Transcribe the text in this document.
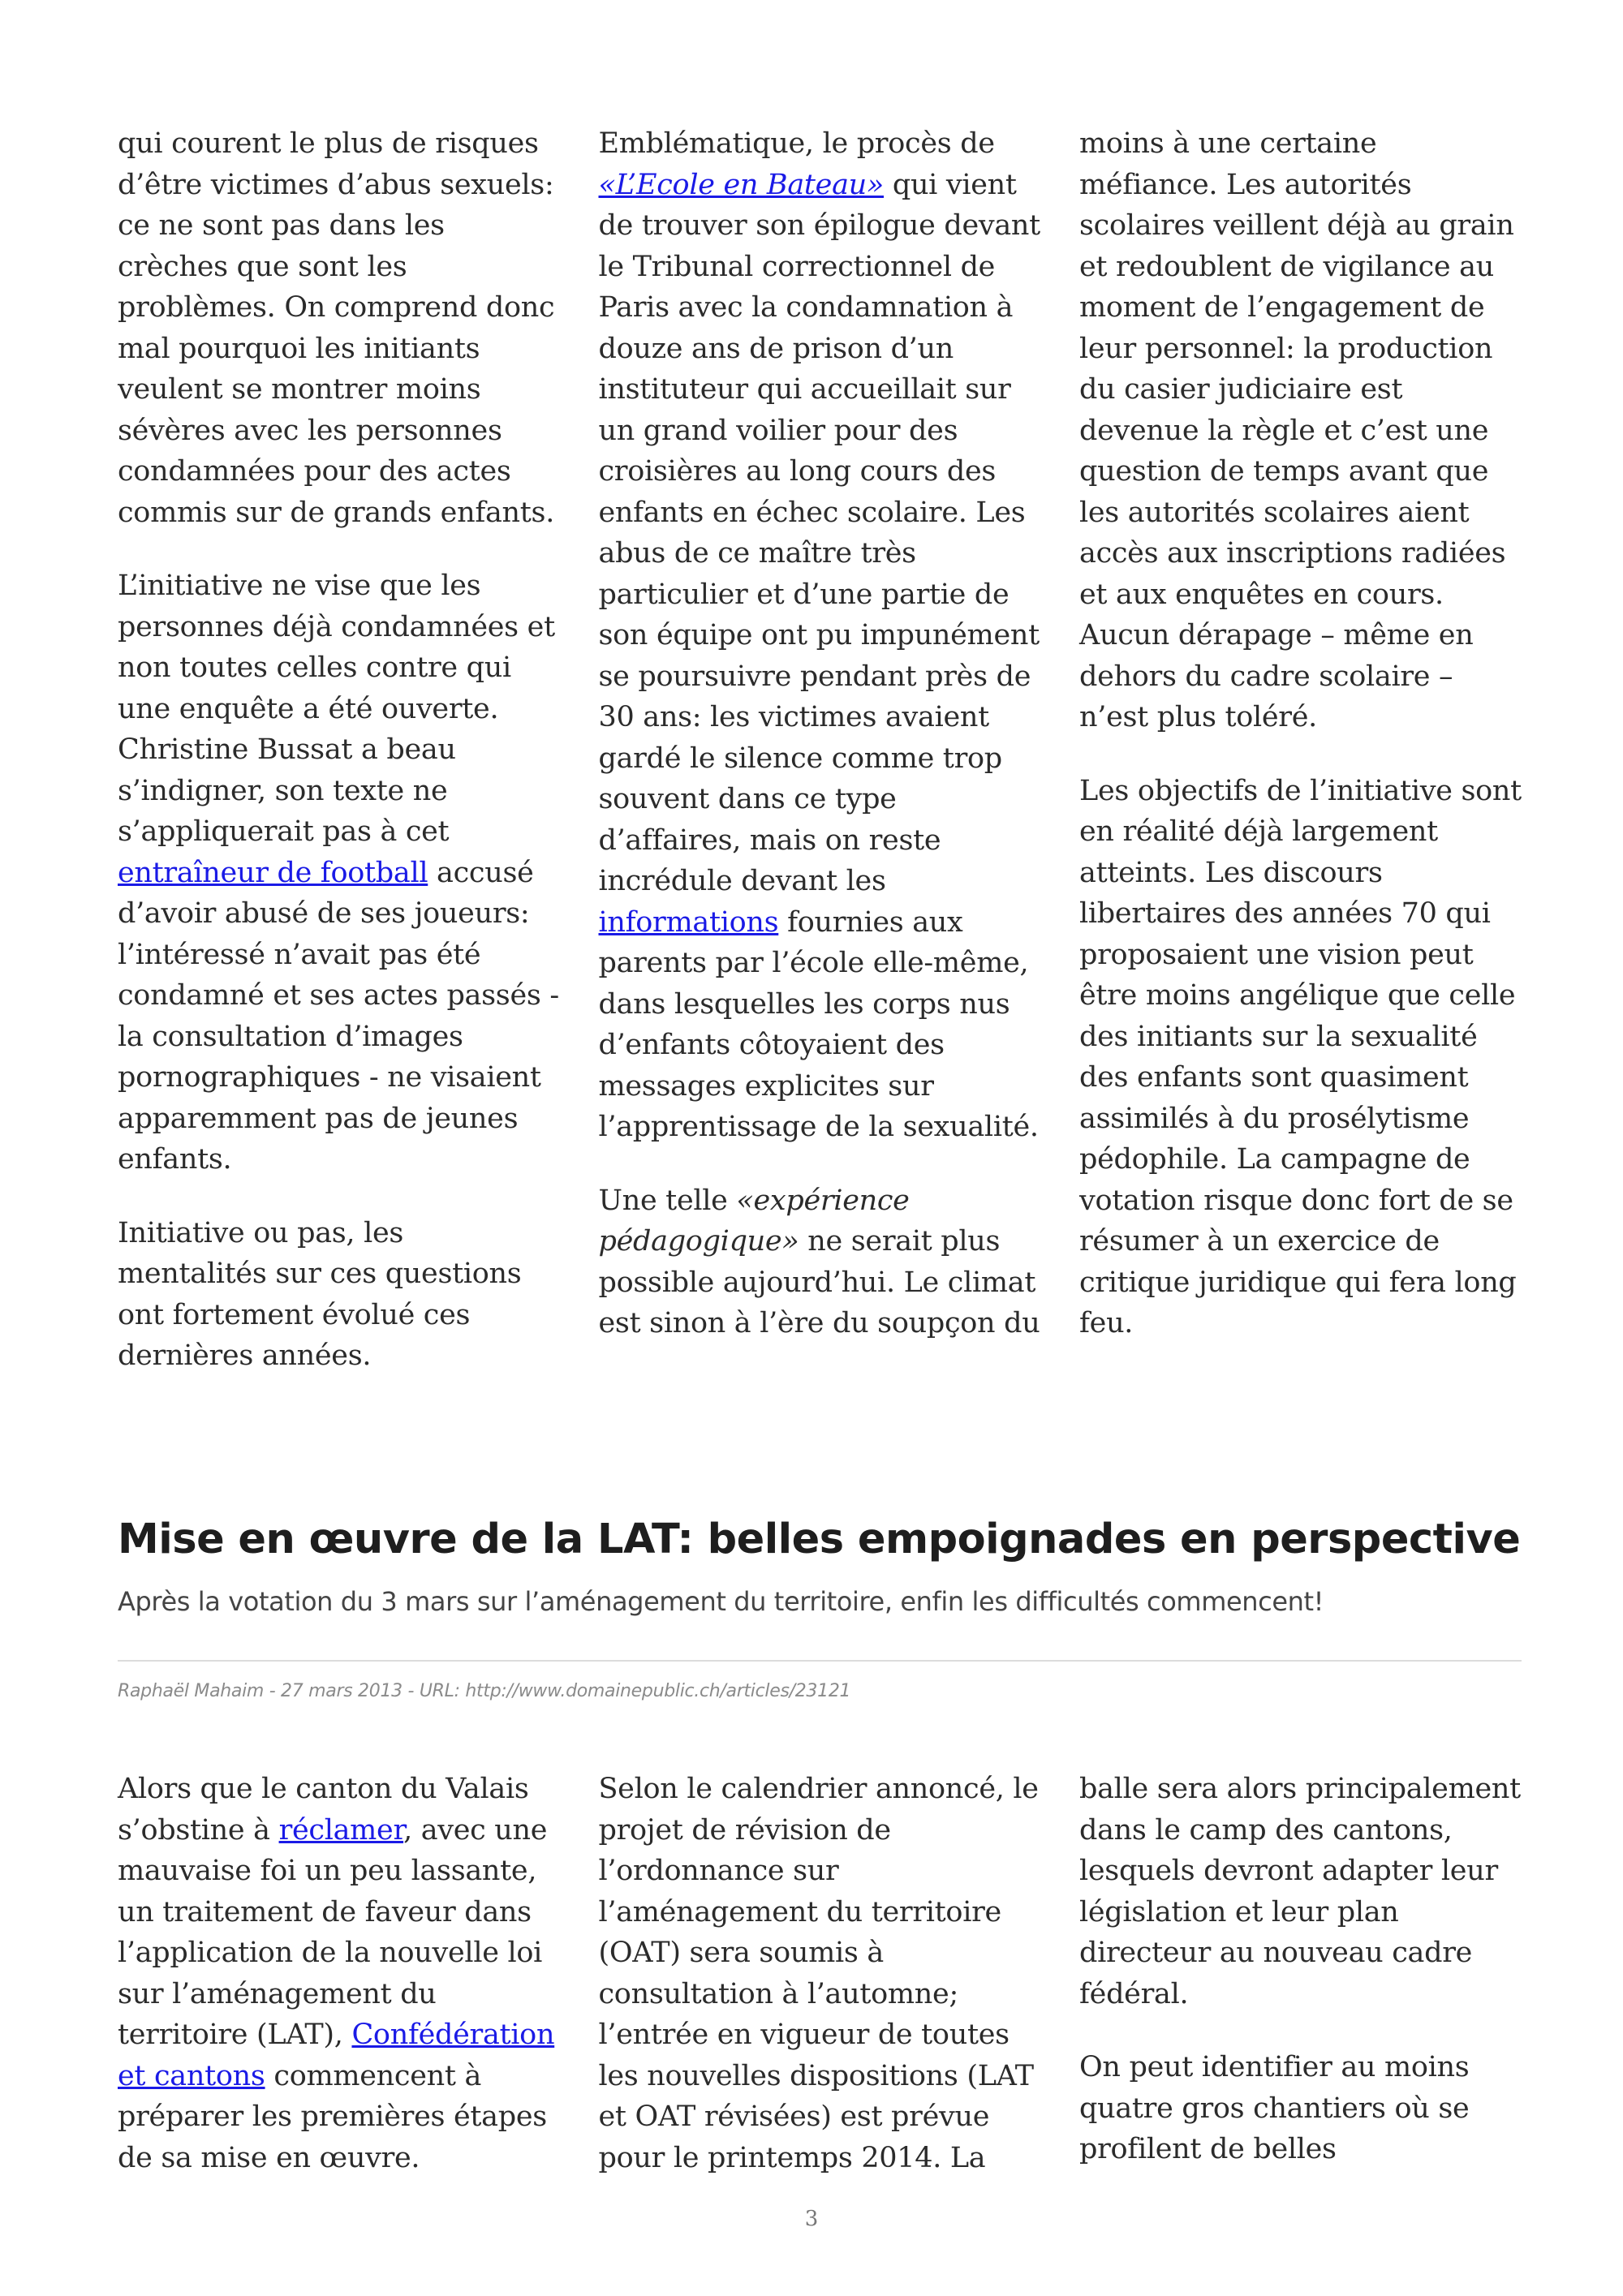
qui courent le plus de risques d’être victimes d’abus sexuels: ce ne sont pas dans les crèches que sont les problèmes. On comprend donc mal pourquoi les initiants veulent se montrer moins sévères avec les personnes condamnées pour des actes commis sur de grands enfants.

L’initiative ne vise que les personnes déjà condamnées et non toutes celles contre qui une enquête a été ouverte. Christine Bussat a beau s’indigner, son texte ne s’appliquerait pas à cet entraîneur de football accusé d’avoir abusé de ses joueurs: l’intéressé n’avait pas été condamné et ses actes passés - la consultation d’images pornographiques - ne visaient apparemment pas de jeunes enfants.

Initiative ou pas, les mentalités sur ces questions ont fortement évolué ces dernières années.

Emblématique, le procès de «L’Ecole en Bateau» qui vient de trouver son épilogue devant le Tribunal correctionnel de Paris avec la condamnation à douze ans de prison d’un instituteur qui accueillait sur un grand voilier pour des croisières au long cours des enfants en échec scolaire. Les abus de ce maître très particulier et d’une partie de son équipe ont pu impunément se poursuivre pendant près de 30 ans: les victimes avaient gardé le silence comme trop souvent dans ce type d’affaires, mais on reste incrédule devant les informations fournies aux parents par l’école elle-même, dans lesquelles les corps nus d’enfants côtoyaient des messages explicites sur l’apprentissage de la sexualité.

Une telle «expérience pédagogique» ne serait plus possible aujourd’hui. Le climat est sinon à l’ère du soupçon du

moins à une certaine méfiance. Les autorités scolaires veillent déjà au grain et redoublent de vigilance au moment de l’engagement de leur personnel: la production du casier judiciaire est devenue la règle et c’est une question de temps avant que les autorités scolaires aient accès aux inscriptions radiées et aux enquêtes en cours. Aucun dérapage – même en dehors du cadre scolaire – n’est plus toléré.

Les objectifs de l’initiative sont en réalité déjà largement atteints. Les discours libertaires des années 70 qui proposaient une vision peut être moins angélique que celle des initiants sur la sexualité des enfants sont quasiment assimilés à du prosélytisme pédophile. La campagne de votation risque donc fort de se résumer à un exercice de critique juridique qui fera long feu.

Mise en œuvre de la LAT: belles empoignades en perspective

Après la votation du 3 mars sur l’aménagement du territoire, enfin les difficultés commencent!

Raphaël Mahaim - 27 mars 2013 - URL: http://www.domainepublic.ch/articles/23121

Alors que le canton du Valais s’obstine à réclamer, avec une mauvaise foi un peu lassante, un traitement de faveur dans l’application de la nouvelle loi sur l’aménagement du territoire (LAT), Confédération et cantons commencent à préparer les premières étapes de sa mise en œuvre.

Selon le calendrier annoncé, le projet de révision de l’ordonnance sur l’aménagement du territoire (OAT) sera soumis à consultation à l’automne; l’entrée en vigueur de toutes les nouvelles dispositions (LAT et OAT révisées) est prévue pour le printemps 2014. La

balle sera alors principalement dans le camp des cantons, lesquels devront adapter leur législation et leur plan directeur au nouveau cadre fédéral.

On peut identifier au moins quatre gros chantiers où se profilent de belles

3
